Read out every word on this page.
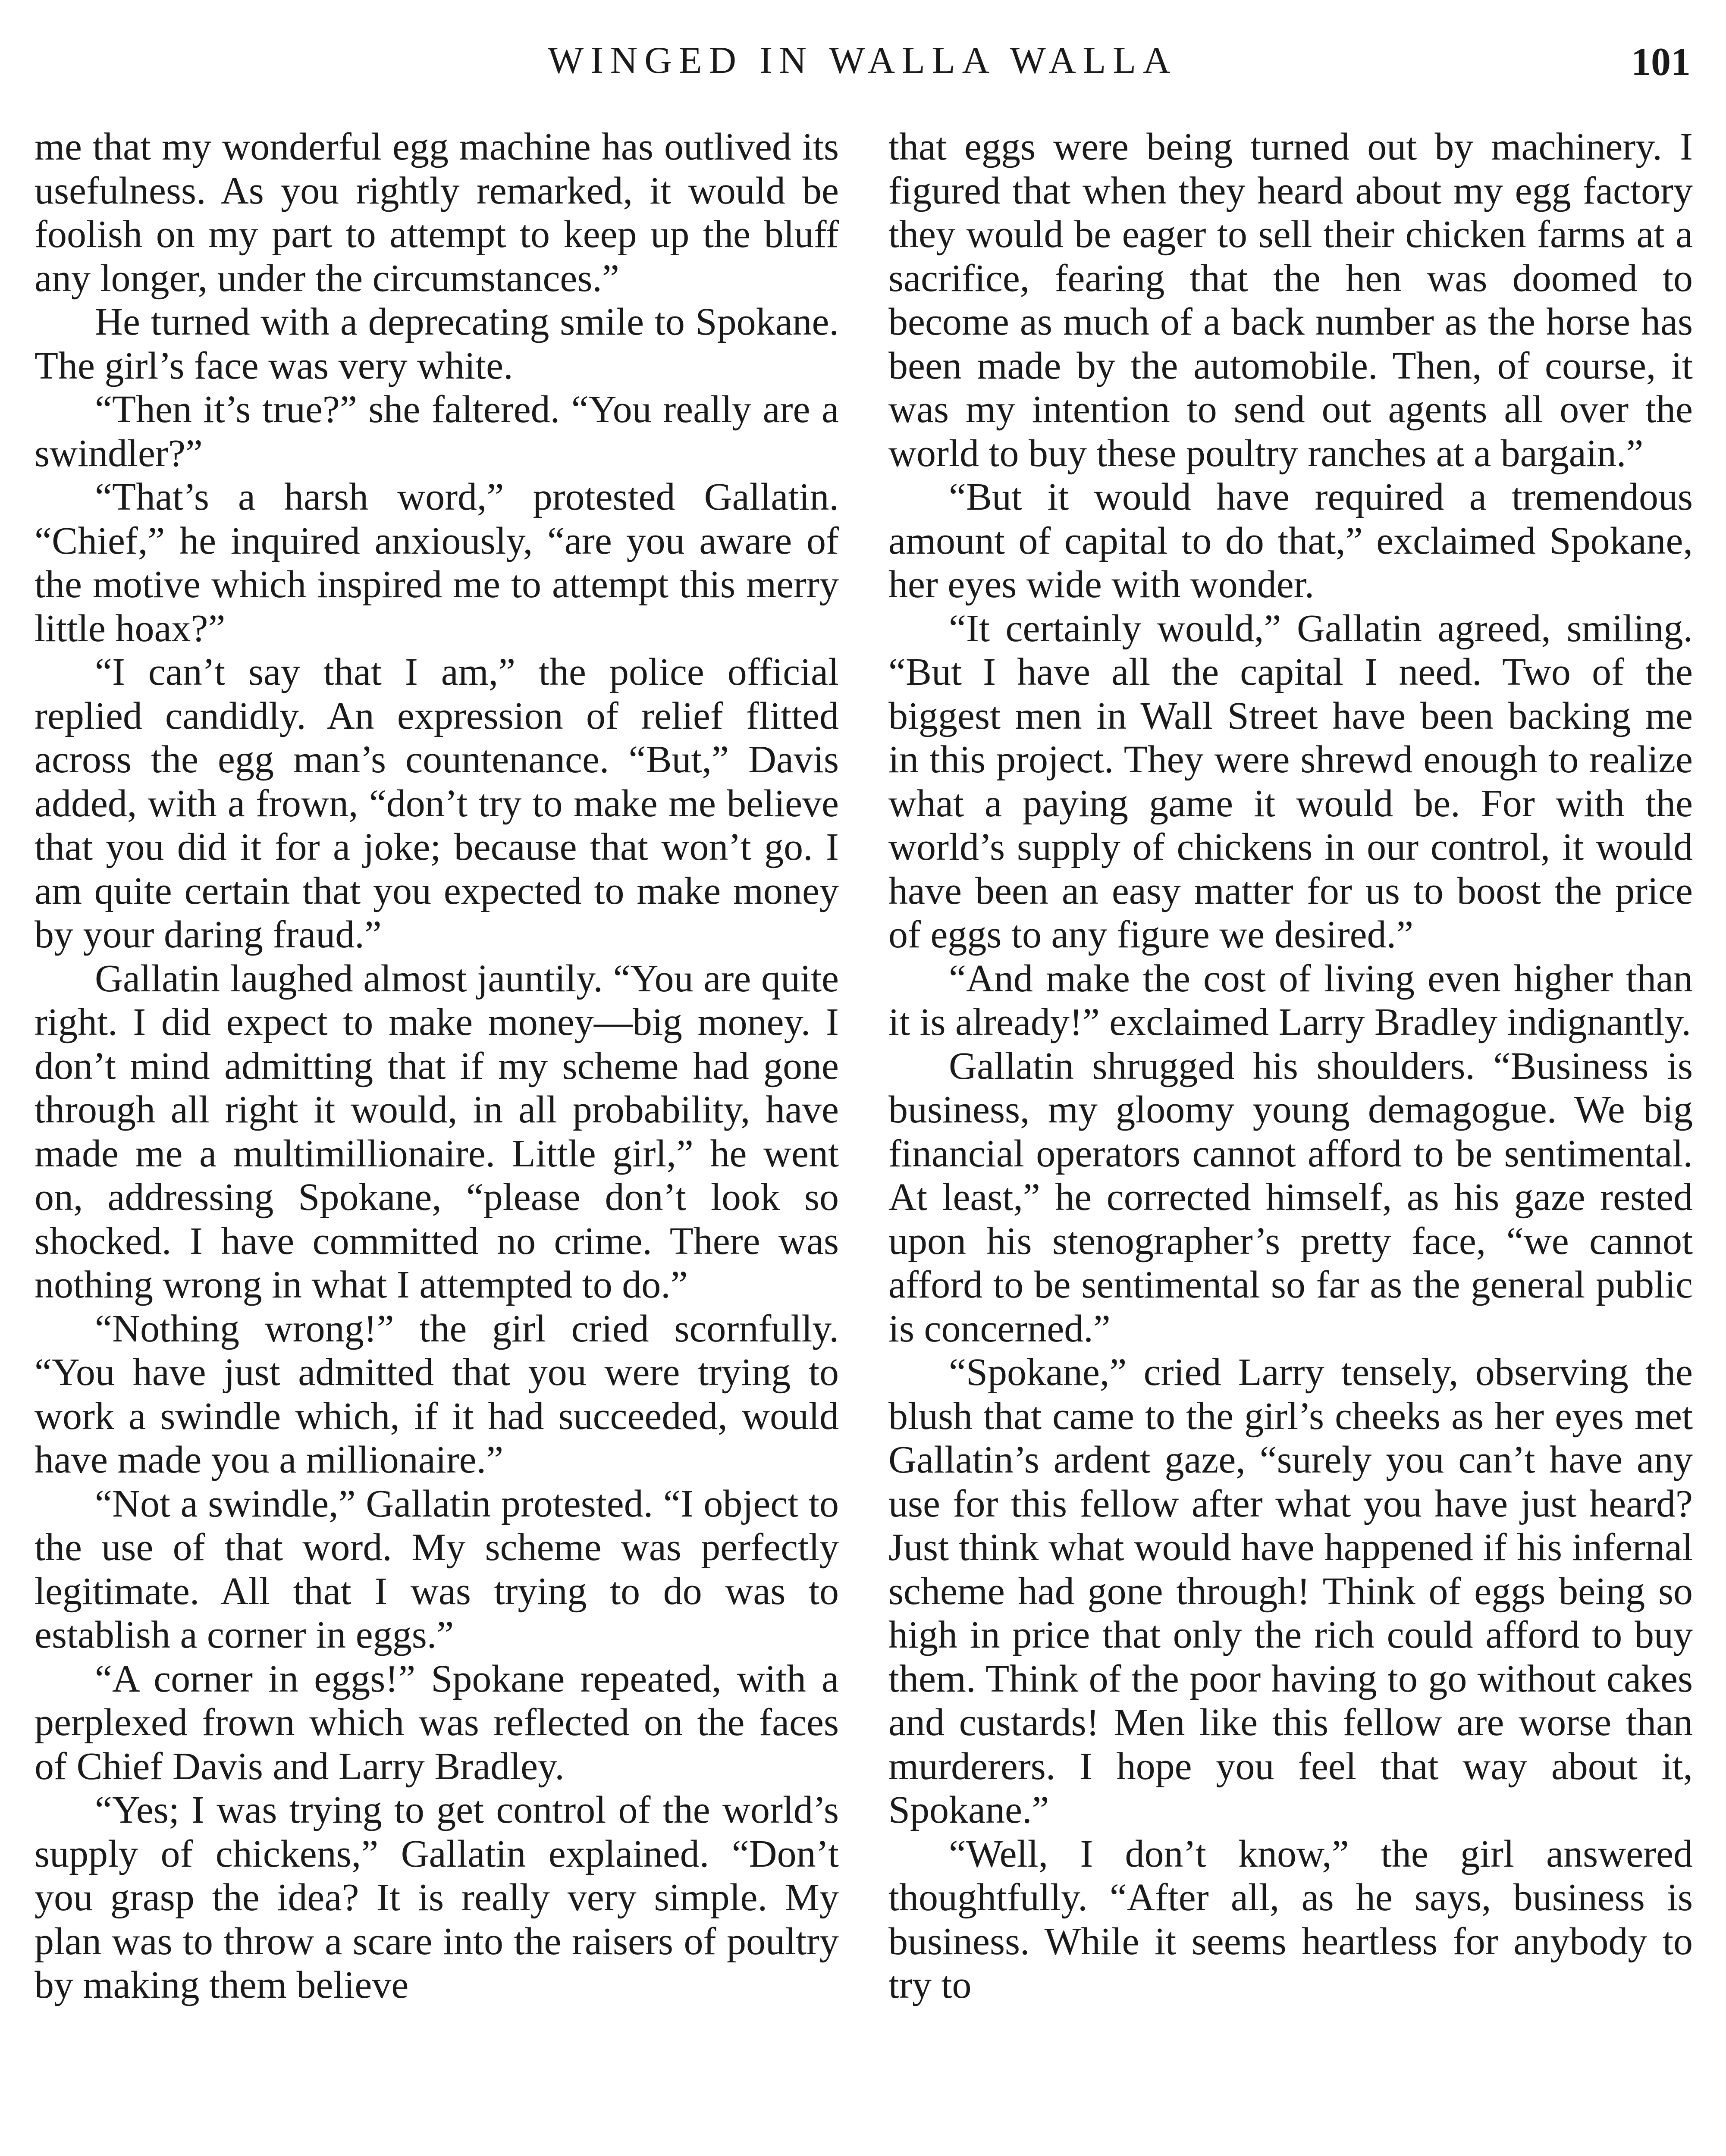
WINGED IN WALLA WALLA	101

me that my wonderful egg machine has outlived its usefulness. As you rightly remarked, it would be foolish on my part to attempt to keep up the bluff any longer, under the circumstances.”

He turned with a deprecating smile to Spokane. The girl’s face was very white.

“Then it’s true?” she faltered. “You really are a swindler?”

“That’s a harsh word,” protested Gallatin. “Chief,” he inquired anxiously, “are you aware of the motive which inspired me to attempt this merry little hoax?”

“I can’t say that I am,” the police official replied candidly. An expression of relief flitted across the egg man’s countenance. “But,” Davis added, with a frown, “don’t try to make me believe that you did it for a joke; because that won’t go. I am quite certain that you expected to make money by your daring fraud.”

Gallatin laughed almost jauntily. “You are quite right. I did expect to make money—big money. I don’t mind admitting that if my scheme had gone through all right it would, in all probability, have made me a multimillionaire. Little girl,” he went on, addressing Spokane, “please don’t look so shocked. I have committed no crime. There was nothing wrong in what I attempted to do.”

“Nothing wrong!” the girl cried scornfully. “You have just admitted that you were trying to work a swindle which, if it had succeeded, would have made you a millionaire.”

“Not a swindle,” Gallatin protested. “I object to the use of that word. My scheme was perfectly legitimate. All that I was trying to do was to establish a corner in eggs.”

“A corner in eggs!” Spokane repeated, with a perplexed frown which was reflected on the faces of Chief Davis and Larry Bradley.

“Yes; I was trying to get control of the world’s supply of chickens,” Gallatin explained. “Don’t you grasp the idea? It is really very simple. My plan was to throw a scare into the raisers of poultry by making them believe

that eggs were being turned out by machinery. I figured that when they heard about my egg factory they would be eager to sell their chicken farms at a sacrifice, fearing that the hen was doomed to become as much of a back number as the horse has been made by the automobile. Then, of course, it was my intention to send out agents all over the world to buy these poultry ranches at a bargain.”

“But it would have required a tremendous amount of capital to do that,” exclaimed Spokane, her eyes wide with wonder.

“It certainly would,” Gallatin agreed, smiling. “But I have all the capital I need. Two of the biggest men in Wall Street have been backing me in this project. They were shrewd enough to realize what a paying game it would be. For with the world’s supply of chickens in our control, it would have been an easy matter for us to boost the price of eggs to any figure we desired.”

“And make the cost of living even higher than it is already!” exclaimed Larry Bradley indignantly.

Gallatin shrugged his shoulders. “Business is business, my gloomy young demagogue. We big financial operators cannot afford to be sentimental. At least,” he corrected himself, as his gaze rested upon his stenographer’s pretty face, “we cannot afford to be sentimental so far as the general public is concerned.”

“Spokane,” cried Larry tensely, observing the blush that came to the girl’s cheeks as her eyes met Gallatin’s ardent gaze, “surely you can’t have any use for this fellow after what you have just heard? Just think what would have happened if his infernal scheme had gone through! Think of eggs being so high in price that only the rich could afford to buy them. Think of the poor having to go without cakes and custards! Men like this fellow are worse than murderers. I hope you feel that way about it, Spokane.”

“Well, I don’t know,” the girl answered thoughtfully. “After all, as he says, business is business. While it seems heartless for anybody to try to
